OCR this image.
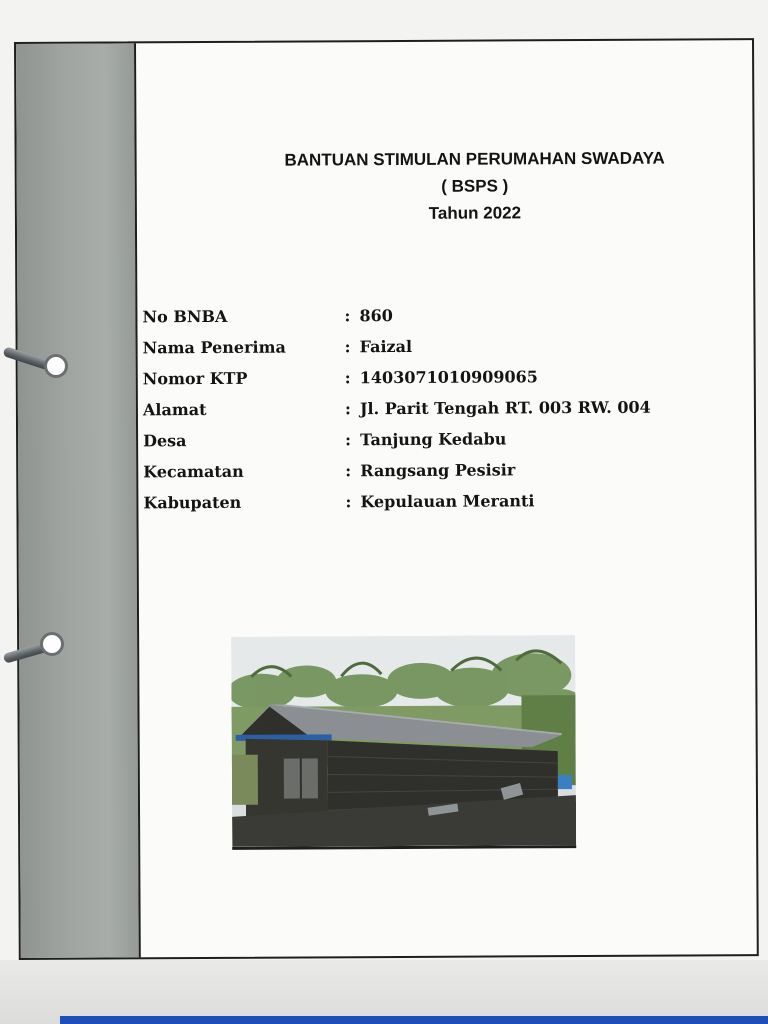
BANTUAN STIMULAN PERUMAHAN SWADAYA
( BSPS )
Tahun 2022
No BNBA	: 860
Nama Penerima	: Faizal
Nomor KTP	: 1403071010909065
Alamat	: Jl. Parit Tengah RT. 003 RW. 004
Desa	: Tanjung Kedabu
Kecamatan	: Rangsang Pesisir
Kabupaten	: Kepulauan Meranti
